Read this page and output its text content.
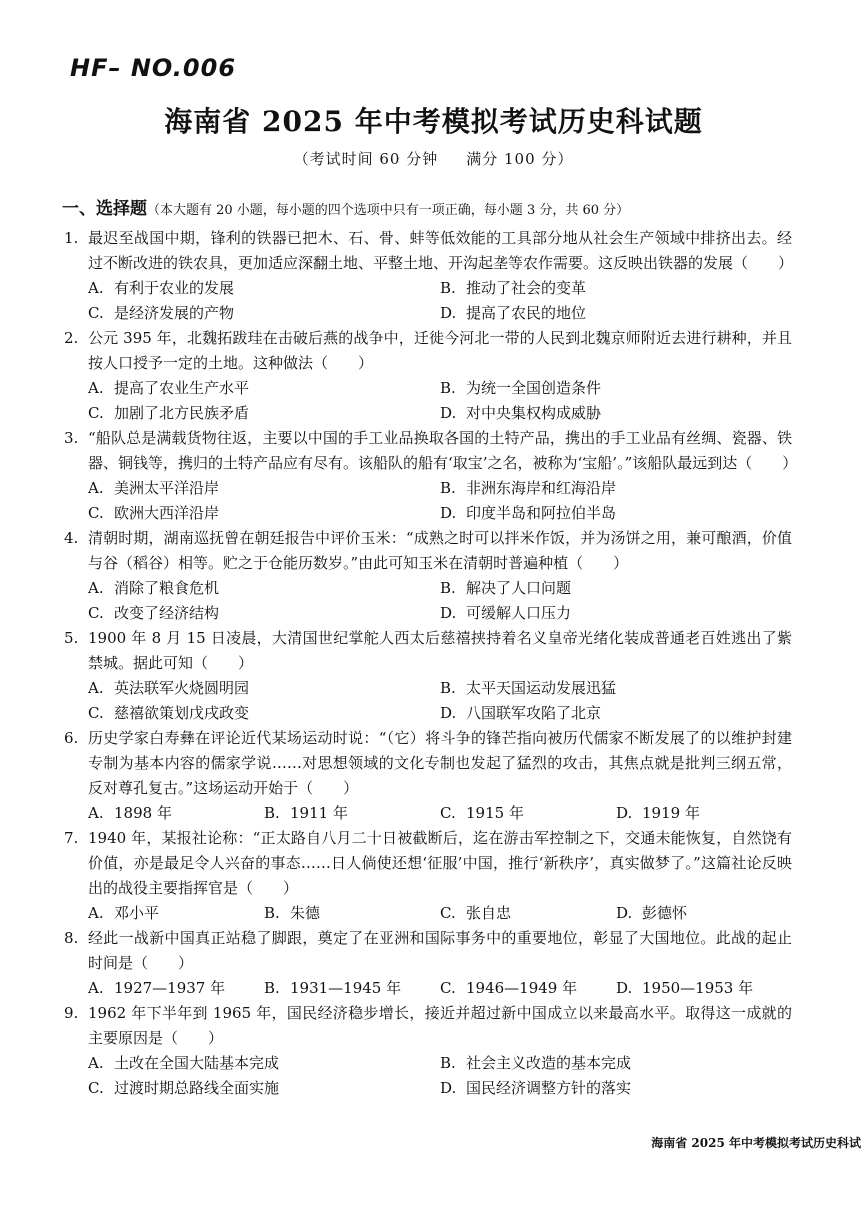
HF– NO.006
海南省 2025 年中考模拟考试历史科试题
（考试时间 60 分钟 满分 100 分）
一、选择题（本大题有 20 小题，每小题的四个选项中只有一项正确，每小题 3 分，共 60 分）
1. 最迟至战国中期，锋利的铁器已把木、石、骨、蚌等低效能的工具部分地从社会生产领域中排挤出去。经过不断改进的铁农具，更加适应深翻土地、平整土地、开沟起垄等农作需要。这反映出铁器的发展（　　）
A. 有利于农业的发展	B. 推动了社会的变革
C. 是经济发展的产物	D. 提高了农民的地位
2. 公元 395 年，北魏拓跋珪在击破后燕的战争中，迁徙今河北一带的人民到北魏京师附近去进行耕种，并且按人口授予一定的土地。这种做法（　　）
A. 提高了农业生产水平	B. 为统一全国创造条件
C. 加剧了北方民族矛盾	D. 对中央集权构成威胁
3. “船队总是满载货物往返，主要以中国的手工业品换取各国的土特产品，携出的手工业品有丝绸、瓷器、铁器、铜钱等，携归的土特产品应有尽有。该船队的船有‘取宝’之名，被称为‘宝船’。”该船队最远到达（　　）
A. 美洲太平洋沿岸	B. 非洲东海岸和红海沿岸
C. 欧洲大西洋沿岸	D. 印度半岛和阿拉伯半岛
4. 清朝时期，湖南巡抚曾在朝廷报告中评价玉米：“成熟之时可以拌米作饭，并为汤饼之用，兼可酿酒，价值与谷（稻谷）相等。贮之于仓能历数岁。”由此可知玉米在清朝时普遍种植（　　）
A. 消除了粮食危机	B. 解决了人口问题
C. 改变了经济结构	D. 可缓解人口压力
5. 1900 年 8 月 15 日凌晨，大清国世纪掌舵人西太后慈禧挟持着名义皇帝光绪化装成普通老百姓逃出了紫禁城。据此可知（　　）
A. 英法联军火烧圆明园	B. 太平天国运动发展迅猛
C. 慈禧欲策划戊戌政变	D. 八国联军攻陷了北京
6. 历史学家白寿彝在评论近代某场运动时说：“（它）将斗争的锋芒指向被历代儒家不断发展了的以维护封建专制为基本内容的儒家学说……对思想领域的文化专制也发起了猛烈的攻击，其焦点就是批判三纲五常，反对尊孔复古。”这场运动开始于（　　）
A. 1898 年	B. 1911 年	C. 1915 年	D. 1919 年
7. 1940 年，某报社论称：“正太路自八月二十日被截断后，迄在游击军控制之下，交通未能恢复，自然饶有价值，亦是最足令人兴奋的事态……日人倘使还想‘征服’中国，推行‘新秩序’，真实做梦了。”这篇社论反映出的战役主要指挥官是（　　）
A. 邓小平	B. 朱德	C. 张自忠	D. 彭德怀
8. 经此一战新中国真正站稳了脚跟，奠定了在亚洲和国际事务中的重要地位，彰显了大国地位。此战的起止时间是（　　）
A. 1927—1937 年	B. 1931—1945 年	C. 1946—1949 年	D. 1950—1953 年
9. 1962 年下半年到 1965 年，国民经济稳步增长，接近并超过新中国成立以来最高水平。取得这一成就的主要原因是（　　）
A. 土改在全国大陆基本完成	B. 社会主义改造的基本完成
C. 过渡时期总路线全面实施	D. 国民经济调整方针的落实
海南省 2025 年中考模拟考试历史科试
